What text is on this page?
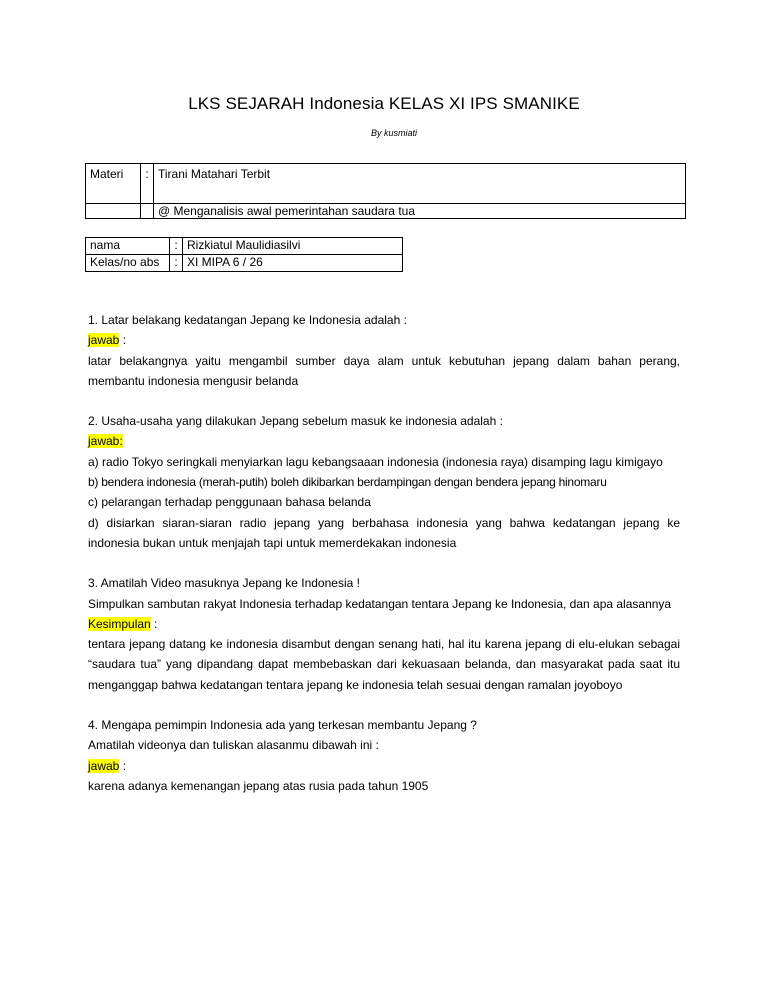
LKS SEJARAH Indonesia KELAS XI IPS SMANIKE
By kusmiati
Materi	:	Tirani Matahari Terbit
		@ Menganalisis awal pemerintahan saudara tua
nama	:	Rizkiatul Maulidiasilvi
Kelas/no abs	:	XI MIPA 6 / 26

1. Latar belakang kedatangan Jepang ke Indonesia adalah :

jawab :

latar belakangnya yaitu mengambil sumber daya alam untuk kebutuhan jepang dalam bahan perang, membantu indonesia mengusir belanda

2. Usaha-usaha yang dilakukan Jepang sebelum masuk ke indonesia adalah :

jawab:

a) radio Tokyo seringkali menyiarkan lagu kebangsaaan indonesia (indonesia raya) disamping lagu kimigayo

b) bendera indonesia (merah-putih) boleh dikibarkan berdampingan dengan bendera jepang hinomaru

c) pelarangan terhadap penggunaan bahasa belanda

d) disiarkan siaran-siaran radio jepang yang berbahasa indonesia yang bahwa kedatangan jepang ke indonesia bukan untuk menjajah tapi untuk memerdekakan indonesia

3. Amatilah Video masuknya Jepang ke Indonesia !

Simpulkan sambutan rakyat Indonesia terhadap kedatangan tentara Jepang ke Indonesia, dan apa alasannya

Kesimpulan :

tentara jepang datang ke indonesia disambut dengan senang hati, hal itu karena jepang di elu-elukan sebagai “saudara tua” yang dipandang dapat membebaskan dari kekuasaan belanda, dan masyarakat pada saat itu menganggap bahwa kedatangan tentara jepang ke indonesia telah sesuai dengan ramalan joyoboyo

4. Mengapa pemimpin Indonesia ada yang terkesan membantu Jepang ?

Amatilah videonya dan tuliskan alasanmu dibawah ini :

jawab :

karena adanya kemenangan jepang atas rusia pada tahun 1905
